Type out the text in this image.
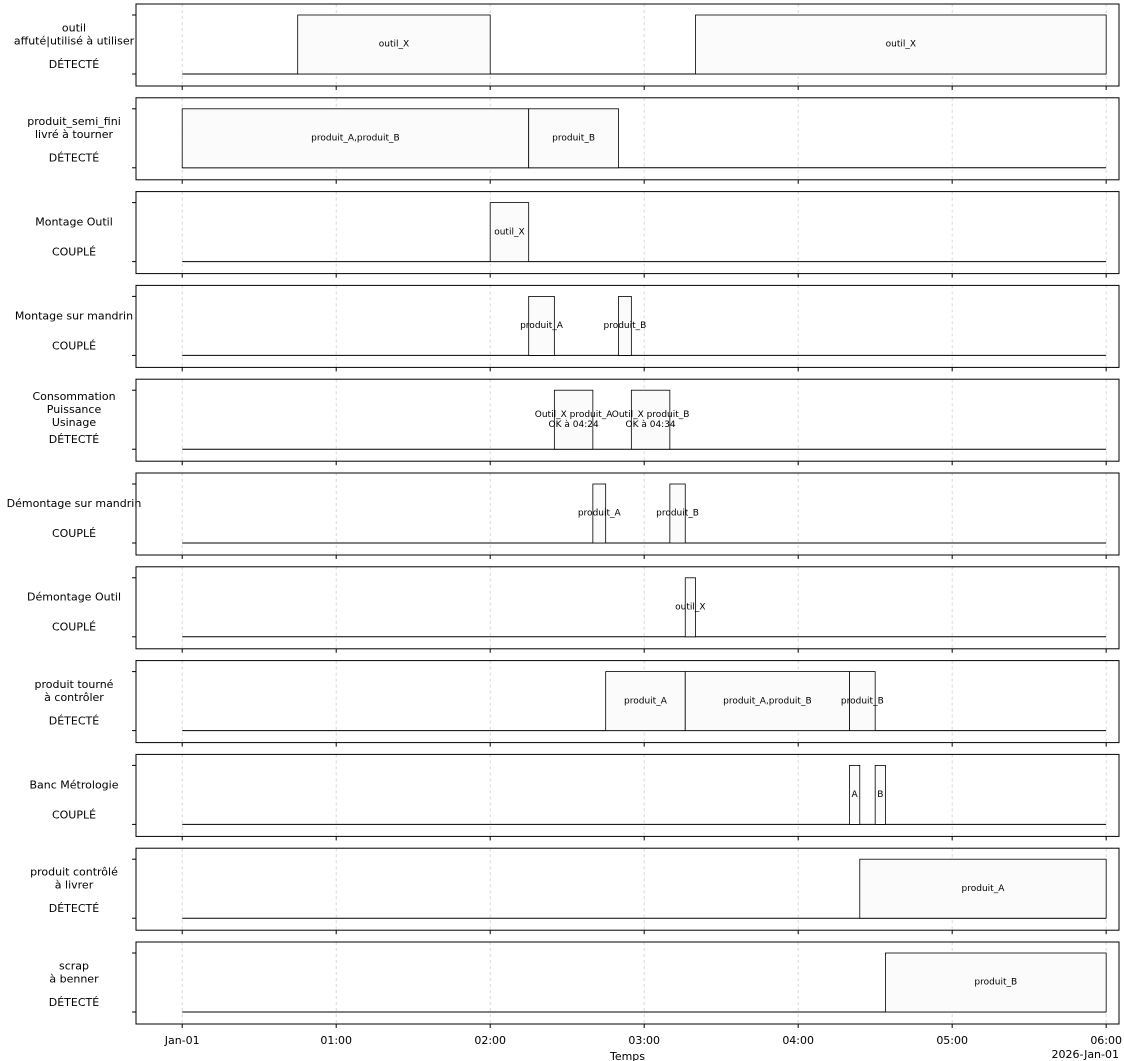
outil_X	outil_X
outil affuté|utilisé à utiliser
DÉTECTÉ
produit_A,produit_B	produit_B
produit_semi_fini livré à tourner
DÉTECTÉ
outil_X
Montage Outil
COUPLÉ
produit_A	produit_B
Montage sur mandrin
COUPLÉ
Outil_X produit_A OK à 04:24
Outil_X produit_B OK à 04:34
Consommation Puissance Usinage
DÉTECTÉ
produit_A	produit_B
Démontage sur mandrin
COUPLÉ
outil_X
Démontage Outil
COUPLÉ
produit_A	produit_A,produit_B	produit_B
produit tourné à contrôler
DÉTECTÉ
A B
Banc Métrologie
COUPLÉ
produit_A
produit contrôlé à livrer
DÉTECTÉ
produit_B
scrap à benner
DÉTECTÉ
Jan-01	01:00	02:00	03:00	04:00	05:00	06:00
Temps	2026-Jan-01
